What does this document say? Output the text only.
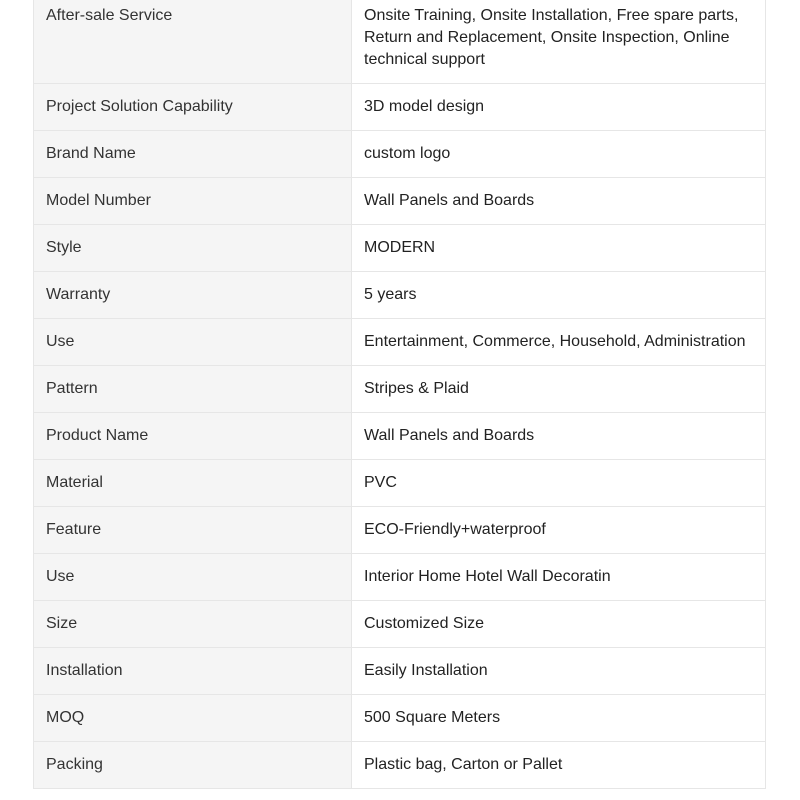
After-sale Service	Onsite Training, Onsite Installation, Free spare parts, Return and Replacement, Onsite Inspection, Online technical support
Project Solution Capability	3D model design
Brand Name	custom logo
Model Number	Wall Panels and Boards
Style	MODERN
Warranty	5 years
Use	Entertainment, Commerce, Household, Administration
Pattern	Stripes & Plaid
Product Name	Wall Panels and Boards
Material	PVC
Feature	ECO-Friendly+waterproof
Use	Interior Home Hotel Wall Decoratin
Size	Customized Size
Installation	Easily Installation
MOQ	500 Square Meters
Packing	Plastic bag, Carton or Pallet
